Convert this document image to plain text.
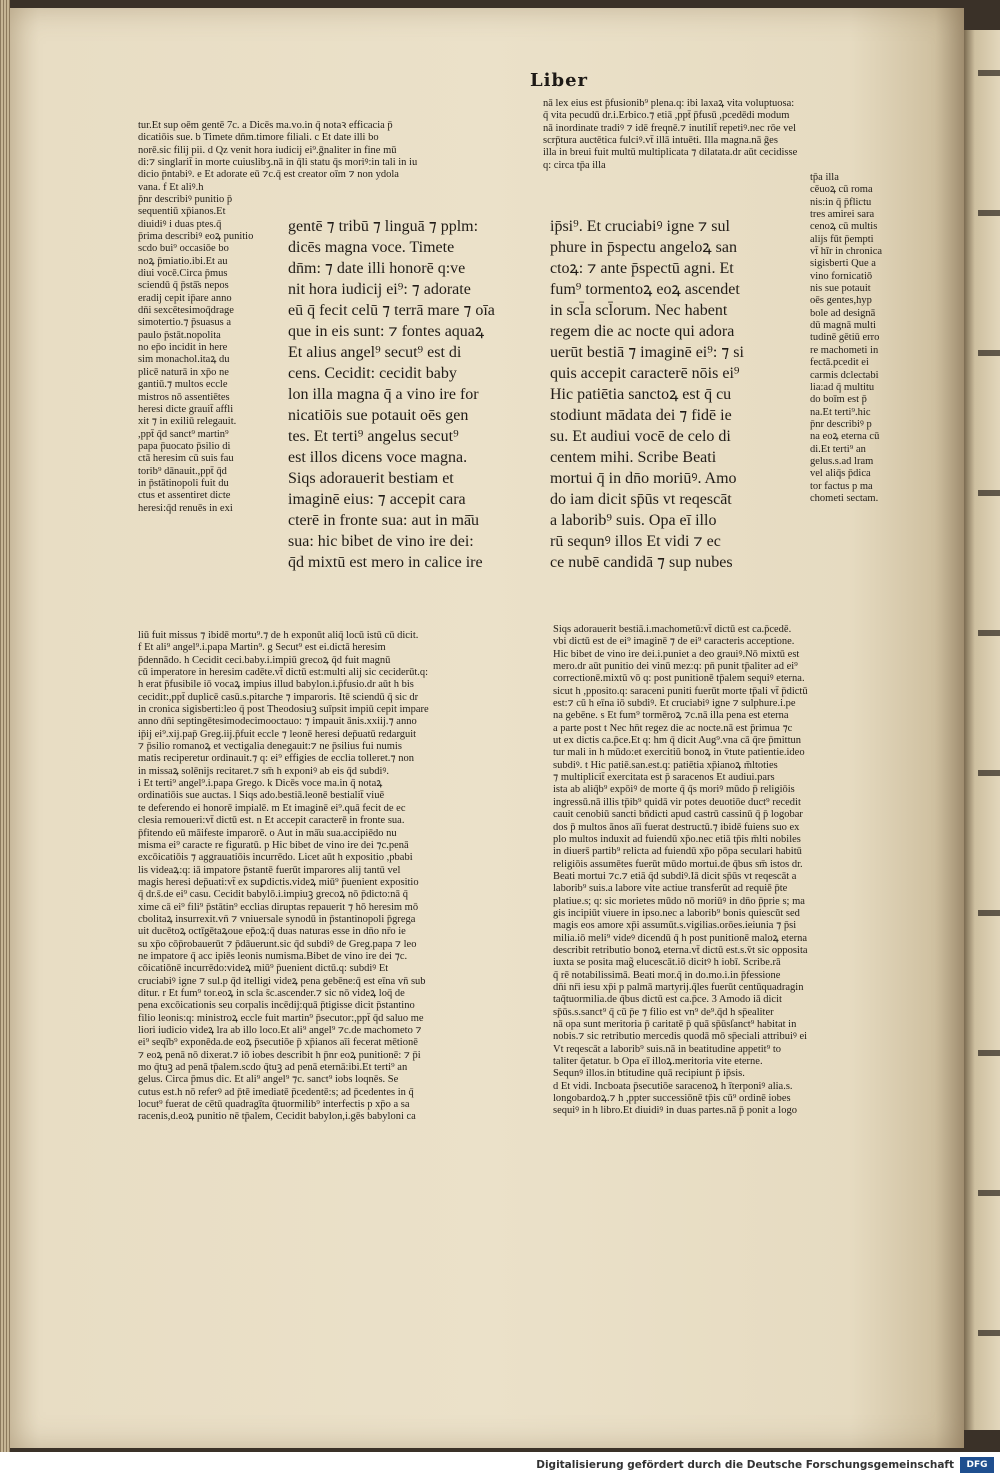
Liber
tur.Et sup oēm gentē 7c. a Dicēs ma.vo.in q̄ notaꝛ efficacia p̄
dicatiōis sue. b Timete dn̄m.timore filiali. c Et date illi bo
norē.sic filij pii. d Qz venit hora iudicij ei⁹.ḡnaliter in fine mū
di:⁊ singlarit̄ in morte cuiuslibʒ.nā in q̄li statu q̄s moriꝰ:in tali in iu
dicio p̄ntabiꝰ. e Et adorate eū ⁊c.q̄ est creator oīm ⁊ non ydola
vana. f Et aliꝰ.h
nā lex eius est p̄fusionib⁹ plena.q: ibi laxaꝝ vita voluptuosa:
q̄ vita pecudū dr.i.Erbico.⁊ etiā ,ppt̄ p̄fusū ,pcedēdi modum
nā inordinate tradiꝰ ⁊ idē freqnē.⁊ inutilit̄ repetiꝰ.nec rōe vel
scrp̄tura auctētica fulciꝰ.vt̄ illā intuēti. Illa magna.nā ḡes
illa in breui fuit multū multiplicata ⁊ dilatata.dr aūt cecidisse
q: circa tp̄a illa
p̄nr describiꝰ punitio p̄
sequentiū xp̄ianos.Et
diuidiꝰ i duas ptes.q̄
p̄rima describiꝰ eoꝝ punitio
scd̄o bui⁹ occasiōe bo
noꝝ p̄miatio.ibi.Et au
diui vocē.Circa p̄mus
sciendū q̄ p̄stā̄s nepos
eradij cepit ip̄are anno
dn̄i sexcētesimoq̄drage
simotertio.⁊ p̄suasus a
paulo p̄stāt.nopolita
no ep̄o incidit in here
sim monachol.itaꝝ du
plicē naturā in xp̄o ne
gantiū.⁊ multos eccle
mistros nō assentiētes
heresi dicte grauit̄ affli
xit ⁊ in exiliū relegauit.
,ppt̄ q̄d sanct⁹ martin⁹
papa p̄uocato p̄silio di
ctā heresim cū suis fau
torib⁹ dānauit.,ppt̄ q̄d
in p̄stātinopoli fuit du
ctus et assentiret dicte
heresi:q̄d renuēs in exi
gentē ⁊ tribū ⁊ linguā ⁊ pplm:
dicēs magna voce. Timete
dn̄m: ⁊ date illi honorē q:ve
nit hora iudicij ei⁹: ⁊ adorate
eū q̄ fecit celū ⁊ terrā mare ⁊ oīa
que in eis sunt: ⁊ fontes aquaꝝ
Et alius angel⁹ secut⁹ est di
cens. Cecidit: cecidit baby
lon illa magna q̄ a vino ire for
nicatiōis sue potauit oēs gen
tes. Et terti⁹ angelus secut⁹
est illos dicens voce magna.
Siqs adorauerit bestiam et
imaginē eius: ⁊ accepit cara
cterē in fronte sua: aut in mā̄u
sua: hic bibet de vino ire dei:
q̄d mixtū est mero in calice ire
ip̄si⁹. Et cruciabiꝰ igne ⁊ sul
phure in p̄spectu angeloꝝ san
ctoꝝ: ⁊ ante p̄spectū agni. Et
fum⁹ tormentoꝝ eoꝝ ascendet
in scl̄a scl̄orum. Nec habent
regem die ac nocte qui adora
uerūt bestiā ⁊ imaginē ei⁹: ⁊ si
quis accepit caracterē nōis ei⁹
Hic patiētia sanctoꝝ est q̄ cu
stodiunt mādata dei ⁊ fidē ie
su. Et audiui vocē de celo di
centem mihi. Scribe Beati
mortui q̄ in dn̄o moriūꝰ. Amo
do iam dicit sp̄ūs vt reqescāt
a laborib⁹ suis. Opa eī illo
rū sequnꝰ illos Et vidi ⁊ ec
ce nubē candidā ⁊ sup nubes
tp̄a illa
cēuoꝝ cū roma
nis:in q̄ p̄flictu
tres amirei sara
cenoꝝ cū multis
alijs fūt p̄empti
vt̄ hīr in chronica
sigisberti Que a
vino fornicatiō
nis sue potauit
oēs gentes,hyp
bole ad designā
dū magnā multi
tudinē gētiū erro
re machometi in
fectā.pcedit ei
carmis dclectabi
lia:ad q̄ multitu
do boīm est p̄
na.Et terti⁹.hic
p̄nr describiꝰ p
na eoꝝ eterna cū
di.Et terti⁹ an
gelus.s.ad lram
vel aliq̄s p̄dica
tor factus p ma
chometi sectam.
liū fuit missus ⁊ ibidē mortu⁹.⁊ de h̄ exponūt aliq̄ locū istū cū dicit.
f Et ali⁹ angel⁹.i.papa Martin⁹. g Secut⁹ est ei.dictā heresim
p̄dennādo. h Cecidit ceci.baby.i.impiū grecoꝝ q̄d fuit magnū
cū imperatore in heresim cadēte.vt̄ dictū est:multi alij sic ceciderūt.q:
h̄ erat p̄fusibile iō vocaꝝ impius illud babylon.i.p̄fusio.dr aūt h̄ bis
cecidit:,ppt̄ duplicē casū.s.pitarche ⁊ imparoris. Itē sciendū q̄ sic dr
in cronica sigisberti:leo q̄ post Theodosiuꝫ suīpsit impiū cepit impare
anno dn̄i septingētesimodecimooctauo: ⁊ impauit ānis.xxiij.⁊ anno
ip̄ij ei⁹.xij.pap̄ Greg.iij.p̄fuit eccl̄e ⁊ leonē heresi dep̄uatū redarguit
⁊ p̄silio romanoꝝ et vectigalia denegauit:⁊ ne p̄silius fui numis
matis reciperetur ordinauit.⁊ q: ei⁹ effigies de eccl̄ia tolleret.⁊ non
in missaꝝ solēnijs recitaret.⁊ sm̄ h̄ exponiꝰ ab eis q̄d subdiꝰ.
i Et terti⁹ angel⁹.i.papa Grego. k Dicēs voce ma.in q̄ notaꝝ
ordinatiōis sue auctas. l Siqs ado.bestiā.leonē bestialit̄ viuē
te deferendo ei honorē impialē. m Et imaginē ei⁹.quā fecit de ec
clesia remoueri:vt̄ dictū est. n Et accepit caracterē in fronte sua.
p̄fitendo eū māifeste imparorē. o Aut in mā̄u sua.accipiēdo nu
misma ei⁹ caracte re figuratū. p Hic bibet de vino ire dei ⁊c.penā
excōicatiōis ⁊ aggrauatiōis incurrēdo. Licet aūt h̄ expositio ,pbabi
lis videaꝝ:q: iā impatore p̄stantē fuerūt imparores alij tantū vel
magis heresi dep̄uati:vt̄ ex suꝑdictis.videꝝ miū⁹ p̄uenient expositio
q̄ dr.s̄.de ei⁹ casu. Cecidit babylō.i.impiuꝫ grecoꝝ nō p̄dicto:nā q̄
xime cā ei⁹ fili⁹ p̄stātin⁹ eccl̄ias diruptas repauerit ⁊ hō heresim mō
cbolitaꝝ insurrexit.vn̄ ⁊ vniuersale synodū in p̄stantinopoli p̄grega
uit ducētoꝝ octīgētaꝝoue ep̄oꝝ:q̄ duas naturas esse in dn̄o nr̄o ie
su xp̄o cōp̄robauerūt ⁊ p̄dāuerunt.sic q̄d subdiꝰ de Greg.papa ⁊ leo
ne impatore q̄ acc ipiēs leonis numisma.Bibet de vino ire dei ⁊c.
cōicatiōnē incurrēdo:videꝝ miū⁹ p̄uenient dictū.q: subdiꝰ Et
cruciabiꝰ igne ⁊ sul.p q̄d itelligi videꝝ pena gebēne:q̄ est eīna vn̄ sub
ditur. r Et fum⁹ tor.eoꝝ in scl̄a s̄c.ascender.⁊ sic nō videꝝ loq̄ de
pena excōicationis seu corpalis incēdij:quā p̄tigisse dicit p̄stantino
filio leonis:q: ministroꝝ eccl̄e fuit martin⁹ p̄secutor:,ppt̄ q̄d saluo me
liori iudicio videꝝ l̄ra ab illo loco.Et ali⁹ angel⁹ ⁊c.de machometo ⁊
ei⁹ seqīb⁹ exponēda.de eoꝝ p̄secutiōe p̄ xp̄ianos aīi fecerat mētionē
⁊ eoꝝ penā nō dixerat.⁊ iō iobes describit h̄ p̄nr eoꝝ punitionē: ⁊ p̄i
mo q̄tuꝫ ad penā tp̄alem.scd̄o q̄tuꝫ ad penā eternā:ibi.Et terti⁹ an
gelus. Circa p̄mus dic. Et ali⁹ angel⁹ ⁊c. sanct⁹ iob̄s loqnēs. Se
cutus est.h̄ nō referꝰ ad p̄tē imediatē p̄cedentē:s; ad p̄cedentes in q̄
locut⁹ fuerat de cētū quadragīta q̄tuormilib⁹ interfectis p xp̄o a sa
racenis,d.eoꝝ punitio nē tp̄alem, Cecidit babylon,i.gēs babyloni ca
Siqs adorauerit bestiā.i.machometū:vt̄ dictū est ca.p̄cedē.
vbi dictū est de ei⁹ imaginē ⁊ de ei⁹ caracteris acceptione.
Hic bibet de vino ire dei.i.puniet a deo grauiꝰ.Nō mixtū est
mero.dr aūt punitio dei vinū mez:q: pn̄ punit tp̄aliter ad ei⁹
correctionē.mixtū vō q: post punitionē tp̄alem sequiꝰ eterna.
sicut h̄ ,pposito.q: saraceni puniti fuerūt morte tp̄ali vt̄ p̄dictū
est:⁊ cū h̄ eīna iō subdiꝰ. Et cruciabiꝰ igne ⁊ sulphure.i.pe
na gebēne. s Et fum⁹ tormēroꝝ ⁊c.nā illa pena est eterna
a parte post t Nec hn̄t regez die ac nocte.nā est p̄rimua ⁊c
ut ex dictis ca.p̄ce.Et q: h̄m q̄ dicit Aug⁹.vna cā q̄re p̄mittun
tur mali in h̄ mūdo:et exercitiū bonoꝝ in v̄tute patientie.ideo
subdiꝰ. t Hic patiē.san.est.q: patiētia xp̄ianoꝝ m̄ltoties
⁊ multiplicit̄ exercitata est p̄ saracenos Et audiui.pars
ista ab aliq̄b⁹ expōiꝰ de morte q̄ q̄s moriꝰ mūdo p̄ religiōis
ingressū.nā illis tp̄ib⁹ quidā vir potes deuotiōe duct⁹ recedit
cauit cenobiū sancti bn̄dicti apud castrū cassinū q̄ p̄ logobar
dos p̄ multos ānos aīi fuerat destructū.⁊ ibidē fuiens suo ex
plo multos induxit ad fuiendū xp̄o.nec etiā tp̄is m̄lti nobiles
in diuers̄ partib⁹ relicta ad fuiendū xp̄o pōpa seculari habitū
religiōis assumētes fuerūt mūdo mortui.de q̄bus sm̄ istos d̄r.
Beati mortui ⁊c.⁊ etiā q̄d subdiꝰ.Iā dicit sp̄ūs vt reqescāt a
laborib⁹ suis.a labore vite actiue transferūt ad requiē p̄te
platiue.s; q: sic morietes mūdo nō moriūꝰ in dn̄o p̄prie s; ma
gis incipiūt viuere in ipso.nec a laborib⁹ bonis quiescūt sed
magis eos amore xp̄i assumūt.s.vigilias.orōes.ieiunia ⁊ p̄si
milia.iō meli⁹ videꝰ dicendū q̄ h̄ post punitionē maloꝝ eterna
describit retributio bonoꝝ eterna.vt̄ dictū est.s.v̄t sic opposita
iuxta se posita mag̃ elucescāt.iō dicitꝰ h̄ iobī. Scribe.rā
q̄ rē notabilissimā. Beati mor.q̄ in do.mo.i.in p̄fessione
dn̄i nr̄i iesu xp̄i p palmā martyrij.q̄les fuerūt centūquadragin
taq̄tuormilia.de q̄bus dictū est ca.p̄ce. 3 Amodo iā dicit
sp̄ūs.s.sanct⁹ q̄ cū p̄e ⁊ filio est vn⁹ de⁹.q̄d h̄ sp̄ealiter
nā opa sunt meritoria p̄ caritatē p̄ quā sp̄ūsſanct⁹ habitat in
nobis.⁊ sic retributio mercedis quodā mō sp̄eciali attribuiꝰ ei
Vt reqescāt a laborib⁹ suis.nā in beatitudine appetit⁹ to
taliter q̄etatur. b Opa eī illoꝝ.meritoria vite eterne.
Sequnꝰ illos.in btitudine quā recipiunt p̄ ip̄sis.
d Et vidi. Incboata p̄secutiōe saracenoꝝ h̄ īterponiꝰ alia.s.
longobardoꝝ.⁊ h̄ ,ppter successiōnē tp̄is cū⁹ ordinē iobes
sequiꝰ in h̄ libro.Et diuidiꝰ in duas partes.nā p̄ ponit a logo
Digitalisierung gefördert durch die Deutsche Forschungsgemeinschaft	DFG
